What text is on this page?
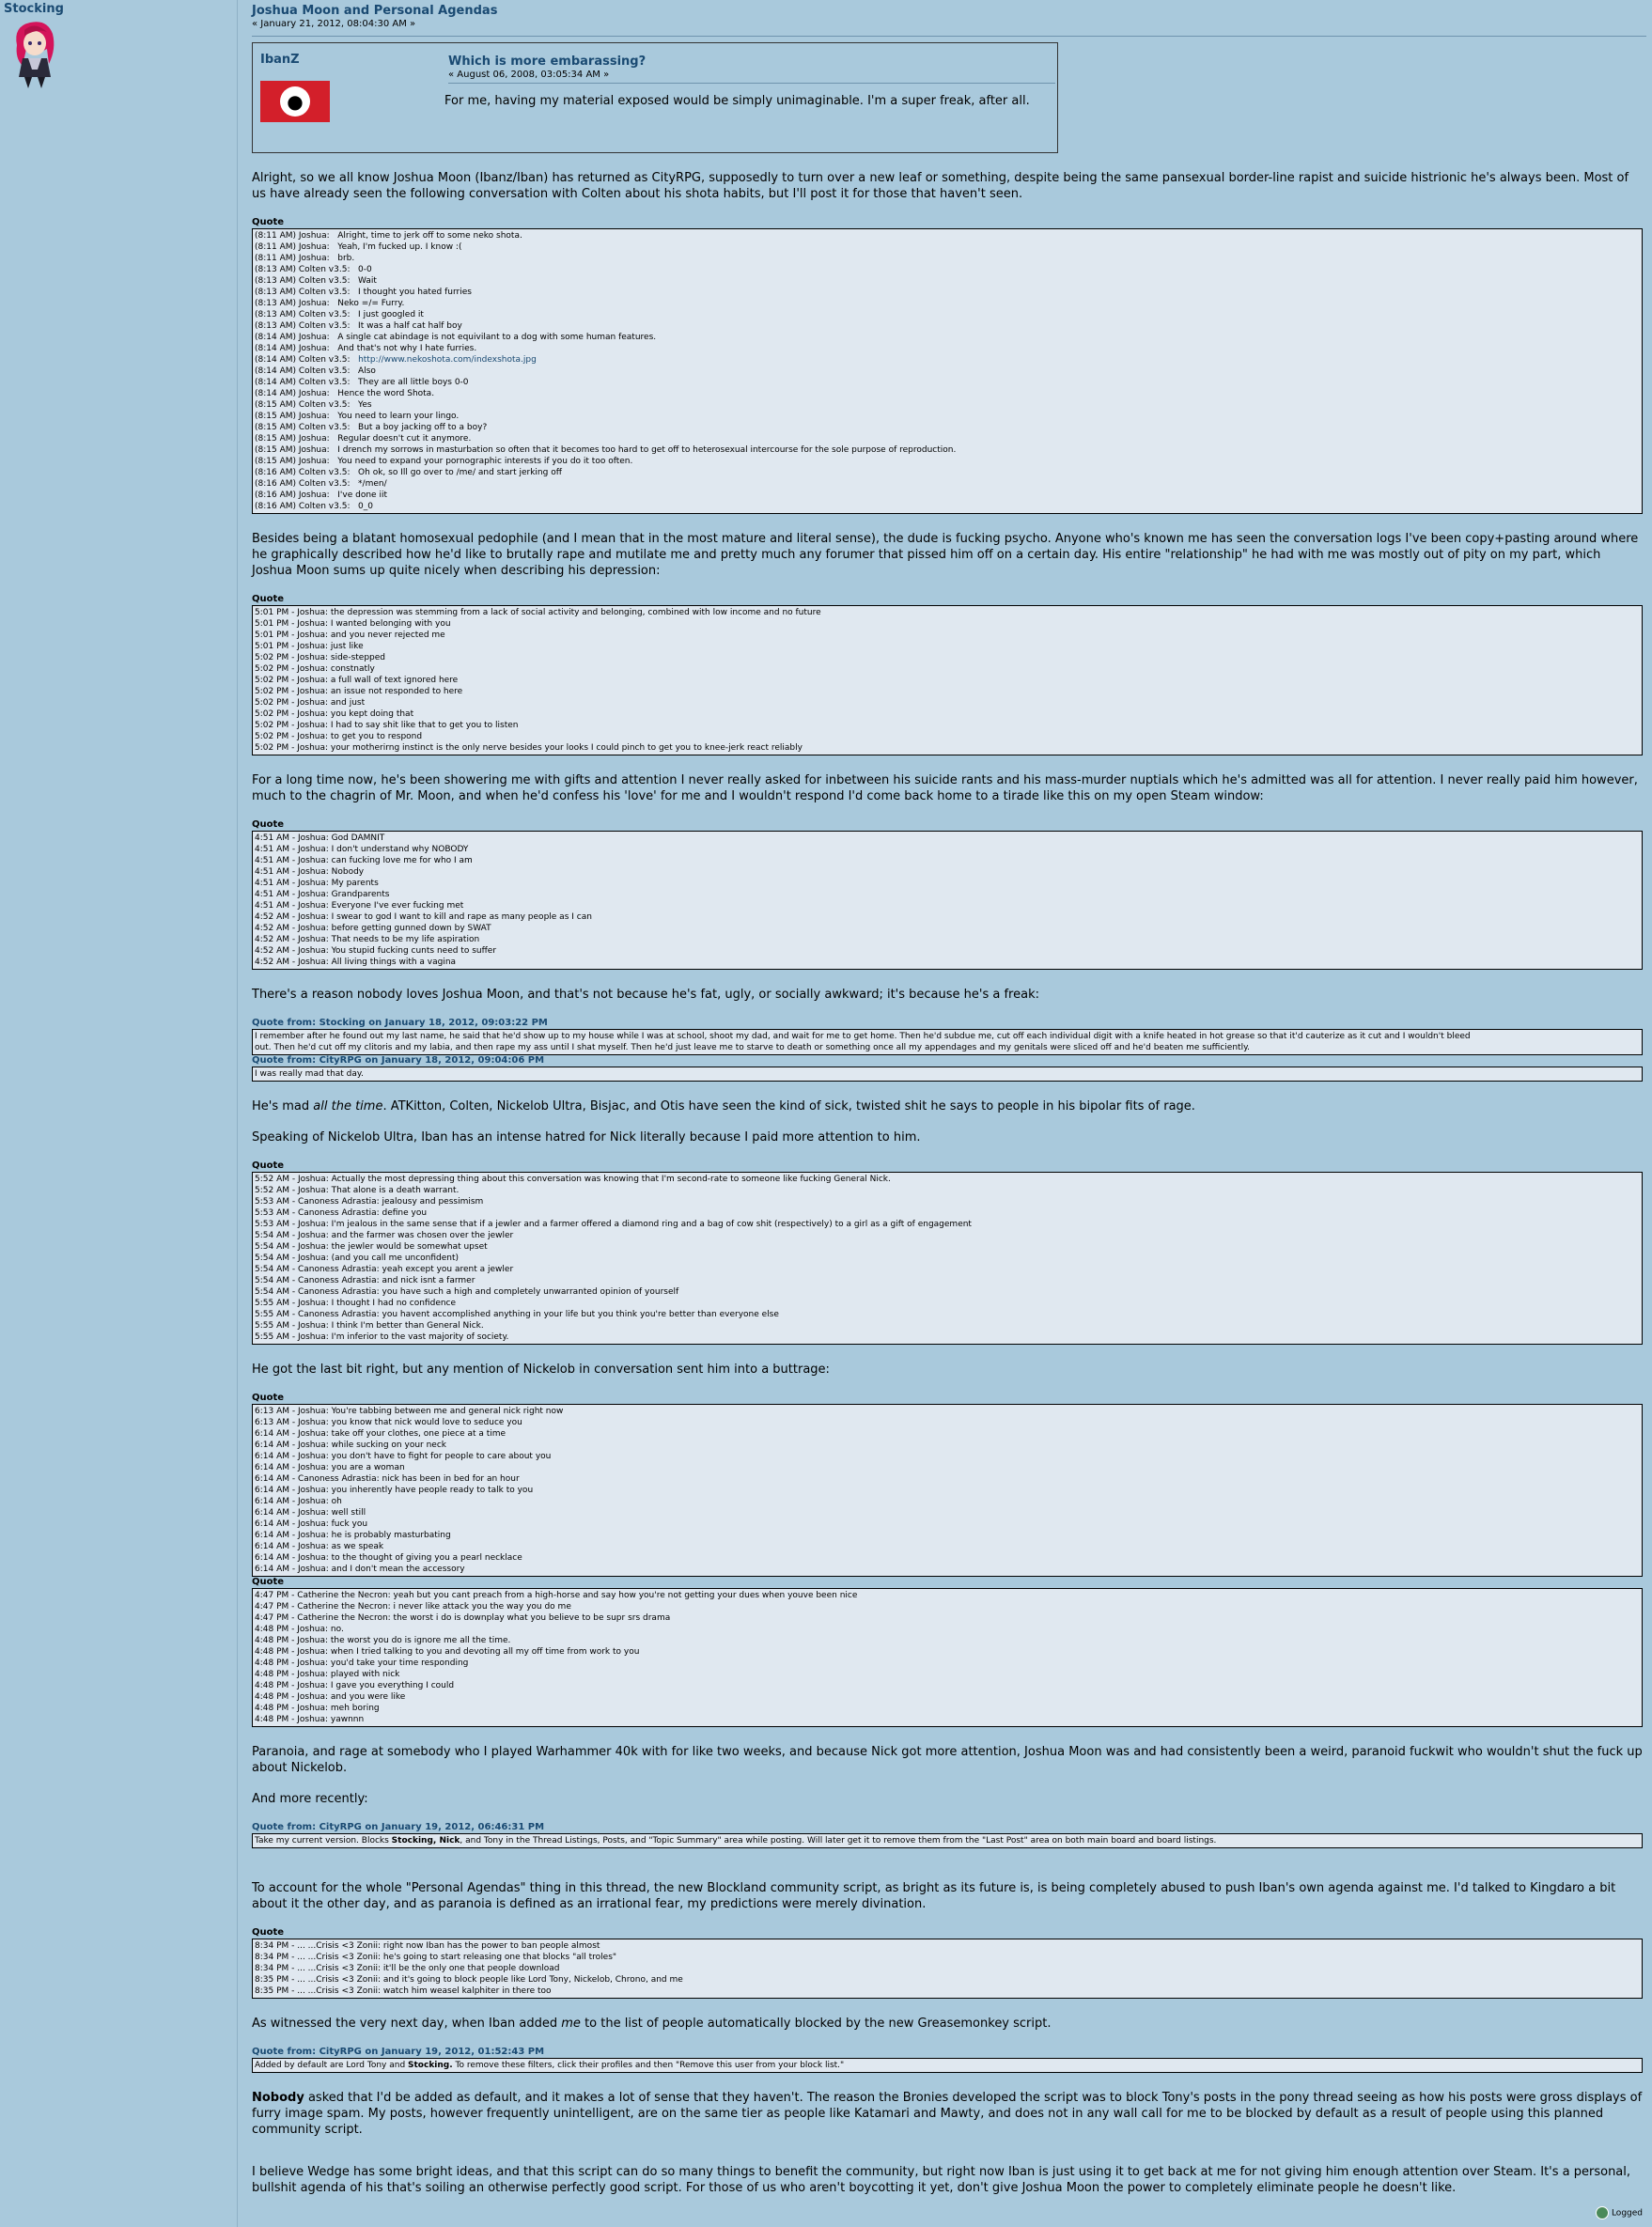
Stocking	Joshua Moon and Personal Agendas
« January 21, 2012, 08:04:30 AM »
IbanZ
●
Which is more embarassing?
« August 06, 2008, 03:05:34 AM »
For me, having my material exposed would be simply unimaginable. I'm a super freak, after all.

Alright, so we all know Joshua Moon (Ibanz/Iban) has returned as CityRPG, supposedly to turn over a new leaf or something, despite being the same pansexual border-line rapist and suicide histrionic he's always been. Most of us have already seen the following conversation with Colten about his shota habits, but I'll post it for those that haven't seen.

Quote
(8:11 AM) Joshua:   Alright, time to jerk off to some neko shota.
(8:11 AM) Joshua:   Yeah, I'm fucked up. I know :(
(8:11 AM) Joshua:   brb.
(8:13 AM) Colten v3.5:   0-0
(8:13 AM) Colten v3.5:   Wait
(8:13 AM) Colten v3.5:   I thought you hated furries
(8:13 AM) Joshua:   Neko =/= Furry.
(8:13 AM) Colten v3.5:   I just googled it
(8:13 AM) Colten v3.5:   It was a half cat half boy
(8:14 AM) Joshua:   A single cat abindage is not equivilant to a dog with some human features.
(8:14 AM) Joshua:   And that's not why I hate furries.
(8:14 AM) Colten v3.5:   http://www.nekoshota.com/indexshota.jpg
(8:14 AM) Colten v3.5:   Also
(8:14 AM) Colten v3.5:   They are all little boys 0-0
(8:14 AM) Joshua:   Hence the word Shota.
(8:15 AM) Colten v3.5:   Yes
(8:15 AM) Joshua:   You need to learn your lingo.
(8:15 AM) Colten v3.5:   But a boy jacking off to a boy?
(8:15 AM) Joshua:   Regular doesn't cut it anymore.
(8:15 AM) Joshua:   I drench my sorrows in masturbation so often that it becomes too hard to get off to heterosexual intercourse for the sole purpose of reproduction.
(8:15 AM) Joshua:   You need to expand your pornographic interests if you do it too often.
(8:16 AM) Colten v3.5:   Oh ok, so Ill go over to /me/ and start jerking off
(8:16 AM) Colten v3.5:   */men/
(8:16 AM) Joshua:   I've done iit
(8:16 AM) Colten v3.5:   0_0

Besides being a blatant homosexual pedophile (and I mean that in the most mature and literal sense), the dude is fucking psycho. Anyone who's known me has seen the conversation logs I've been copy+pasting around where he graphically described how he'd like to brutally rape and mutilate me and pretty much any forumer that pissed him off on a certain day. His entire "relationship" he had with me was mostly out of pity on my part, which Joshua Moon sums up quite nicely when describing his depression:

Quote
5:01 PM - Joshua: the depression was stemming from a lack of social activity and belonging, combined with low income and no future
5:01 PM - Joshua: I wanted belonging with you
5:01 PM - Joshua: and you never rejected me
5:01 PM - Joshua: just like
5:02 PM - Joshua: side-stepped
5:02 PM - Joshua: constnatly
5:02 PM - Joshua: a full wall of text ignored here
5:02 PM - Joshua: an issue not responded to here
5:02 PM - Joshua: and just
5:02 PM - Joshua: you kept doing that
5:02 PM - Joshua: I had to say shit like that to get you to listen
5:02 PM - Joshua: to get you to respond
5:02 PM - Joshua: your motherirng instinct is the only nerve besides your looks I could pinch to get you to knee-jerk react reliably

For a long time now, he's been showering me with gifts and attention I never really asked for inbetween his suicide rants and his mass-murder nuptials which he's admitted was all for attention. I never really paid him however, much to the chagrin of Mr. Moon, and when he'd confess his 'love' for me and I wouldn't respond I'd come back home to a tirade like this on my open Steam window:

Quote
4:51 AM - Joshua: God DAMNIT
4:51 AM - Joshua: I don't understand why NOBODY
4:51 AM - Joshua: can fucking love me for who I am
4:51 AM - Joshua: Nobody
4:51 AM - Joshua: My parents
4:51 AM - Joshua: Grandparents
4:51 AM - Joshua: Everyone I've ever fucking met
4:52 AM - Joshua: I swear to god I want to kill and rape as many people as I can
4:52 AM - Joshua: before getting gunned down by SWAT
4:52 AM - Joshua: That needs to be my life aspiration
4:52 AM - Joshua: You stupid fucking cunts need to suffer
4:52 AM - Joshua: All living things with a vagina

There's a reason nobody loves Joshua Moon, and that's not because he's fat, ugly, or socially awkward; it's because he's a freak:

Quote from: Stocking on January 18, 2012, 09:03:22 PM
I remember after he found out my last name, he said that he'd show up to my house while I was at school, shoot my dad, and wait for me to get home. Then he'd subdue me, cut off each individual digit with a knife heated in hot grease so that it'd cauterize as it cut and I wouldn't bleed
out. Then he'd cut off my clitoris and my labia, and then rape my ass until I shat myself. Then he'd just leave me to starve to death or something once all my appendages and my genitals were sliced off and he'd beaten me sufficiently.
Quote from: CityRPG on January 18, 2012, 09:04:06 PM
I was really mad that day.

He's mad all the time. ATKitton, Colten, Nickelob Ultra, Bisjac, and Otis have seen the kind of sick, twisted shit he says to people in his bipolar fits of rage.

Speaking of Nickelob Ultra, Iban has an intense hatred for Nick literally because I paid more attention to him.

Quote
5:52 AM - Joshua: Actually the most depressing thing about this conversation was knowing that I'm second-rate to someone like fucking General Nick.
5:52 AM - Joshua: That alone is a death warrant.
5:53 AM - Canoness Adrastia: jealousy and pessimism
5:53 AM - Canoness Adrastia: define you
5:53 AM - Joshua: I'm jealous in the same sense that if a jewler and a farmer offered a diamond ring and a bag of cow shit (respectively) to a girl as a gift of engagement
5:54 AM - Joshua: and the farmer was chosen over the jewler
5:54 AM - Joshua: the jewler would be somewhat upset
5:54 AM - Joshua: (and you call me unconfident)
5:54 AM - Canoness Adrastia: yeah except you arent a jewler
5:54 AM - Canoness Adrastia: and nick isnt a farmer
5:54 AM - Canoness Adrastia: you have such a high and completely unwarranted opinion of yourself
5:55 AM - Joshua: I thought I had no confidence
5:55 AM - Canoness Adrastia: you havent accomplished anything in your life but you think you're better than everyone else
5:55 AM - Joshua: I think I'm better than General Nick.
5:55 AM - Joshua: I'm inferior to the vast majority of society.

He got the last bit right, but any mention of Nickelob in conversation sent him into a buttrage:

Quote
6:13 AM - Joshua: You're tabbing between me and general nick right now
6:13 AM - Joshua: you know that nick would love to seduce you
6:14 AM - Joshua: take off your clothes, one piece at a time
6:14 AM - Joshua: while sucking on your neck
6:14 AM - Joshua: you don't have to fight for people to care about you
6:14 AM - Joshua: you are a woman
6:14 AM - Canoness Adrastia: nick has been in bed for an hour
6:14 AM - Joshua: you inherently have people ready to talk to you
6:14 AM - Joshua: oh
6:14 AM - Joshua: well still
6:14 AM - Joshua: fuck you
6:14 AM - Joshua: he is probably masturbating
6:14 AM - Joshua: as we speak
6:14 AM - Joshua: to the thought of giving you a pearl necklace
6:14 AM - Joshua: and I don't mean the accessory
Quote
4:47 PM - Catherine the Necron: yeah but you cant preach from a high-horse and say how you're not getting your dues when youve been nice
4:47 PM - Catherine the Necron: i never like attack you the way you do me
4:47 PM - Catherine the Necron: the worst i do is downplay what you believe to be supr srs drama
4:48 PM - Joshua: no.
4:48 PM - Joshua: the worst you do is ignore me all the time.
4:48 PM - Joshua: when I tried talking to you and devoting all my off time from work to you
4:48 PM - Joshua: you'd take your time responding
4:48 PM - Joshua: played with nick
4:48 PM - Joshua: I gave you everything I could
4:48 PM - Joshua: and you were like
4:48 PM - Joshua: meh boring
4:48 PM - Joshua: yawnnn

Paranoia, and rage at somebody who I played Warhammer 40k with for like two weeks, and because Nick got more attention, Joshua Moon was and had consistently been a weird, paranoid fuckwit who wouldn't shut the fuck up about Nickelob.

And more recently:

Quote from: CityRPG on January 19, 2012, 06:46:31 PM
Take my current version. Blocks Stocking, Nick, and Tony in the Thread Listings, Posts, and "Topic Summary" area while posting. Will later get it to remove them from the "Last Post" area on both main board and board listings.

To account for the whole "Personal Agendas" thing in this thread, the new Blockland community script, as bright as its future is, is being completely abused to push Iban's own agenda against me. I'd talked to Kingdaro a bit about it the other day, and as paranoia is defined as an irrational fear, my predictions were merely divination.

Quote
8:34 PM - ... ...Crisis <3 Zonii: right now Iban has the power to ban people almost
8:34 PM - ... ...Crisis <3 Zonii: he's going to start releasing one that blocks "all troles"
8:34 PM - ... ...Crisis <3 Zonii: it'll be the only one that people download
8:35 PM - ... ...Crisis <3 Zonii: and it's going to block people like Lord Tony, Nickelob, Chrono, and me
8:35 PM - ... ...Crisis <3 Zonii: watch him weasel kalphiter in there too

As witnessed the very next day, when Iban added me to the list of people automatically blocked by the new Greasemonkey script.

Quote from: CityRPG on January 19, 2012, 01:52:43 PM
Added by default are Lord Tony and Stocking. To remove these filters, click their profiles and then "Remove this user from your block list."

Nobody asked that I'd be added as default, and it makes a lot of sense that they haven't. The reason the Bronies developed the script was to block Tony's posts in the pony thread seeing as how his posts were gross displays of furry image spam. My posts, however frequently unintelligent, are on the same tier as people like Katamari and Mawty, and does not in any wall call for me to be blocked by default as a result of people using this planned community script.

I believe Wedge has some bright ideas, and that this script can do so many things to benefit the community, but right now Iban is just using it to get back at me for not giving him enough attention over Steam. It's a personal, bullshit agenda of his that's soiling an otherwise perfectly good script. For those of us who aren't boycotting it yet, don't give Joshua Moon the power to completely eliminate people he doesn't like.

Logged
